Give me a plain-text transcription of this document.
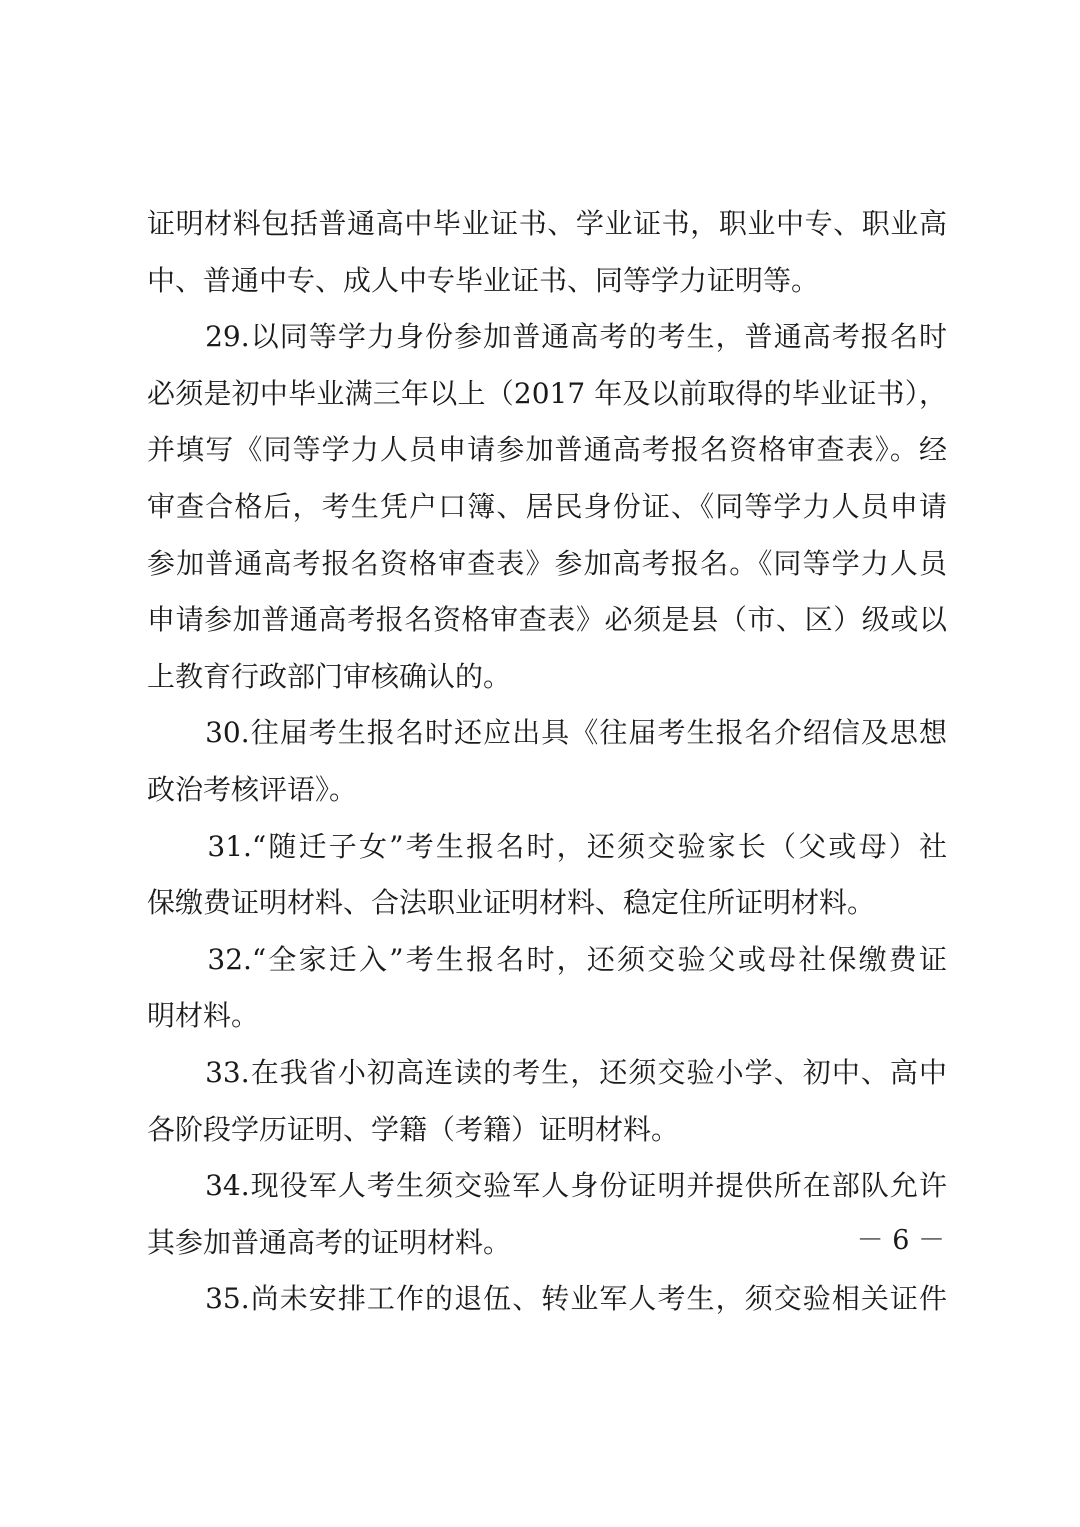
证明材料包括普通高中毕业证书、学业证书，职业中专、职业高
中、普通中专、成人中专毕业证书、同等学力证明等。
　　29.以同等学力身份参加普通高考的考生，普通高考报名时
必须是初中毕业满三年以上（2017 年及以前取得的毕业证书），
并填写《同等学力人员申请参加普通高考报名资格审查表》。经
审查合格后，考生凭户口簿、居民身份证、《同等学力人员申请
参加普通高考报名资格审查表》参加高考报名。《同等学力人员
申请参加普通高考报名资格审查表》必须是县（市、区）级或以
上教育行政部门审核确认的。
　　30.往届考生报名时还应出具《往届考生报名介绍信及思想
政治考核评语》。
　　31.“随迁子女”考生报名时，还须交验家长（父或母）社
保缴费证明材料、合法职业证明材料、稳定住所证明材料。
　　32.“全家迁入”考生报名时，还须交验父或母社保缴费证
明材料。
　　33.在我省小初高连读的考生，还须交验小学、初中、高中
各阶段学历证明、学籍（考籍）证明材料。
　　34.现役军人考生须交验军人身份证明并提供所在部队允许
其参加普通高考的证明材料。
　　35.尚未安排工作的退伍、转业军人考生，须交验相关证件
－ 6 －
